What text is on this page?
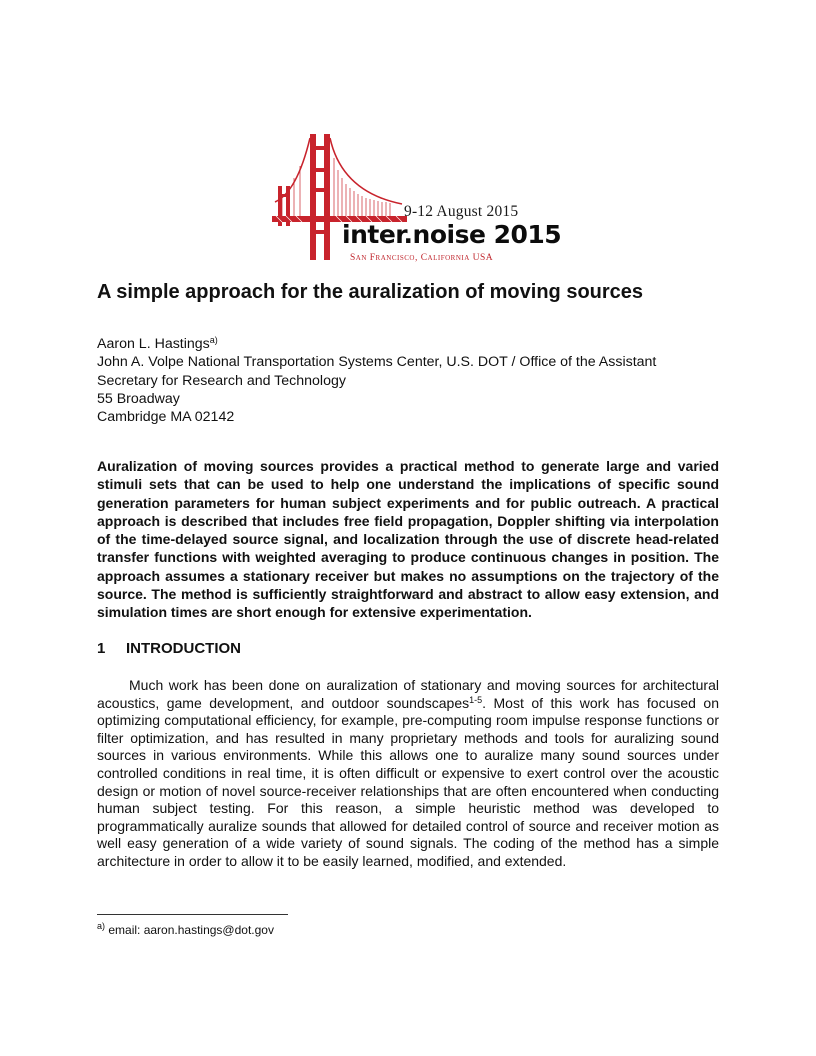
9-12 August 2015
inter.noise 2015
San Francisco, California USA
A simple approach for the auralization of moving sources
Aaron L. Hastings$^{a)}$
John A. Volpe National Transportation Systems Center, U.S. DOT / Office of the Assistant
Secretary for Research and Technology
55 Broadway
Cambridge MA 02142

Auralization of moving sources provides a practical method to generate large and varied stimuli sets that can be used to help one understand the implications of specific sound generation parameters for human subject experiments and for public outreach. A practical approach is described that includes free field propagation, Doppler shifting via interpolation of the time-delayed source signal, and localization through the use of discrete head-related transfer functions with weighted averaging to produce continuous changes in position. The approach assumes a stationary receiver but makes no assumptions on the trajectory of the source. The method is sufficiently straightforward and abstract to allow easy extension, and simulation times are short enough for extensive experimentation.

1 INTRODUCTION

Much work has been done on auralization of stationary and moving sources for architectural acoustics, game development, and outdoor soundscapes$^{1-5}$. Most of this work has focused on optimizing computational efficiency, for example, pre-computing room impulse response functions or filter optimization, and has resulted in many proprietary methods and tools for auralizing sound sources in various environments. While this allows one to auralize many sound sources under controlled conditions in real time, it is often difficult or expensive to exert control over the acoustic design or motion of novel source-receiver relationships that are often encountered when conducting human subject testing. For this reason, a simple heuristic method was developed to programmatically auralize sounds that allowed for detailed control of source and receiver motion as well easy generation of a wide variety of sound signals. The coding of the method has a simple architecture in order to allow it to be easily learned, modified, and extended.

$^{a)}$ email: aaron.hastings@dot.gov
